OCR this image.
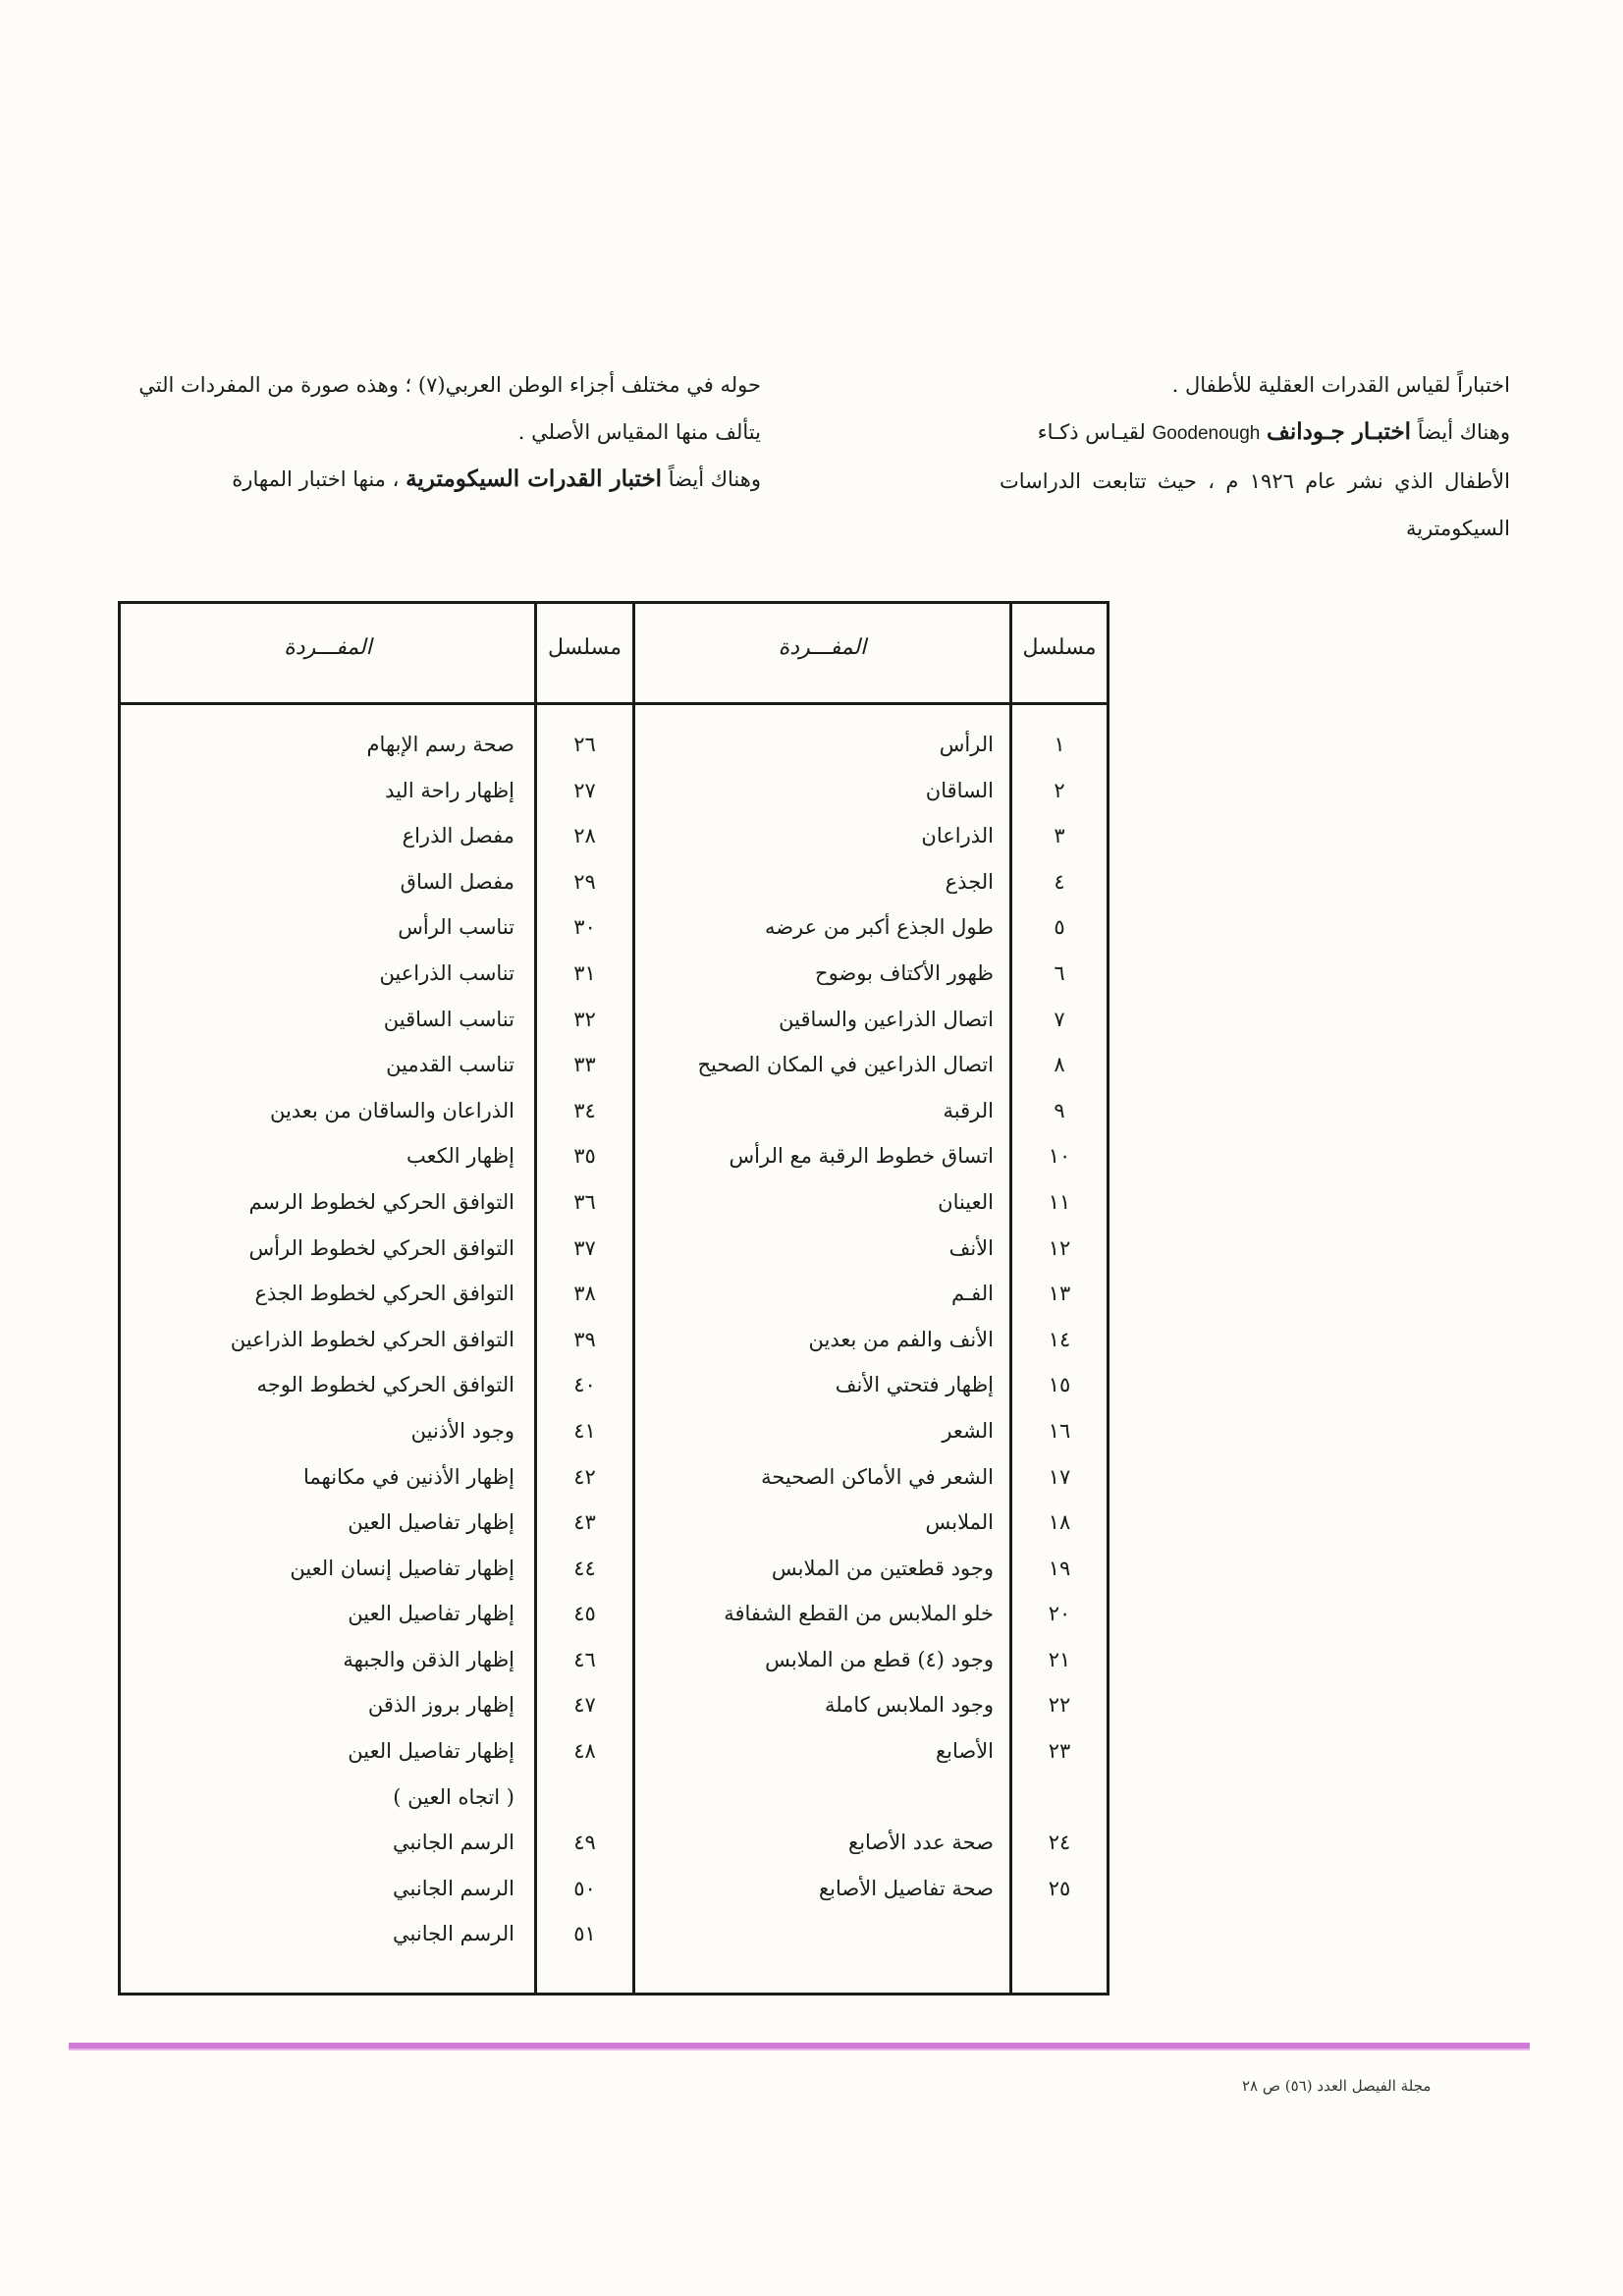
اختباراً لقياس القدرات العقلية للأطفال .
وهناك أيضاً اختبـار جـودانف Goodenough لقيـاس ذكـاء
الأطفال الذي نشر عام ١٩٢٦ م ، حيث تتابعت الدراسات السيكومترية
حوله في مختلف أجزاء الوطن العربي(٧) ؛ وهذه صورة من المفردات التي
يتألف منها المقياس الأصلي .
وهناك أيضاً اختبار القدرات السيكومترية ، منها اختبار المهارة
مسلسل
المفـــردة
مسلسل
المفـــردة
١
٢
٣
٤
٥
٦
٧
٨
٩
١٠
١١
١٢
١٣
١٤
١٥
١٦
١٧
١٨
١٩
٢٠
٢١
٢٢
٢٣
٢٤
٢٥
الرأس
الساقان
الذراعان
الجذع
طول الجذع أكبر من عرضه
ظهور الأكتاف بوضوح
اتصال الذراعين والساقين
اتصال الذراعين في المكان الصحيح
الرقبة
اتساق خطوط الرقبة مع الرأس
العينان
الأنف
الفـم
الأنف والفم من بعدين
إظهار فتحتي الأنف
الشعر
الشعر في الأماكن الصحيحة
الملابس
وجود قطعتين من الملابس
خلو الملابس من القطع الشفافة
وجود (٤) قطع من الملابس
وجود الملابس كاملة
الأصابع
صحة عدد الأصابع
صحة تفاصيل الأصابع
٢٦
٢٧
٢٨
٢٩
٣٠
٣١
٣٢
٣٣
٣٤
٣٥
٣٦
٣٧
٣٨
٣٩
٤٠
٤١
٤٢
٤٣
٤٤
٤٥
٤٦
٤٧
٤٨
٤٩
٥٠
٥١
صحة رسم الإبهام
إظهار راحة اليد
مفصل الذراع
مفصل الساق
تناسب الرأس
تناسب الذراعين
تناسب الساقين
تناسب القدمين
الذراعان والساقان من بعدين
إظهار الكعب
التوافق الحركي لخطوط الرسم
التوافق الحركي لخطوط الرأس
التوافق الحركي لخطوط الجذع
التوافق الحركي لخطوط الذراعين
التوافق الحركي لخطوط الوجه
وجود الأذنين
إظهار الأذنين في مكانهما
إظهار تفاصيل العين
إظهار تفاصيل إنسان العين
إظهار تفاصيل العين
إظهار الذقن والجبهة
إظهار بروز الذقن
إظهار تفاصيل العين
( اتجاه العين )
الرسم الجانبي
الرسم الجانبي
الرسم الجانبي
مجلة الفيصل العدد (٥٦) ص ٢٨
